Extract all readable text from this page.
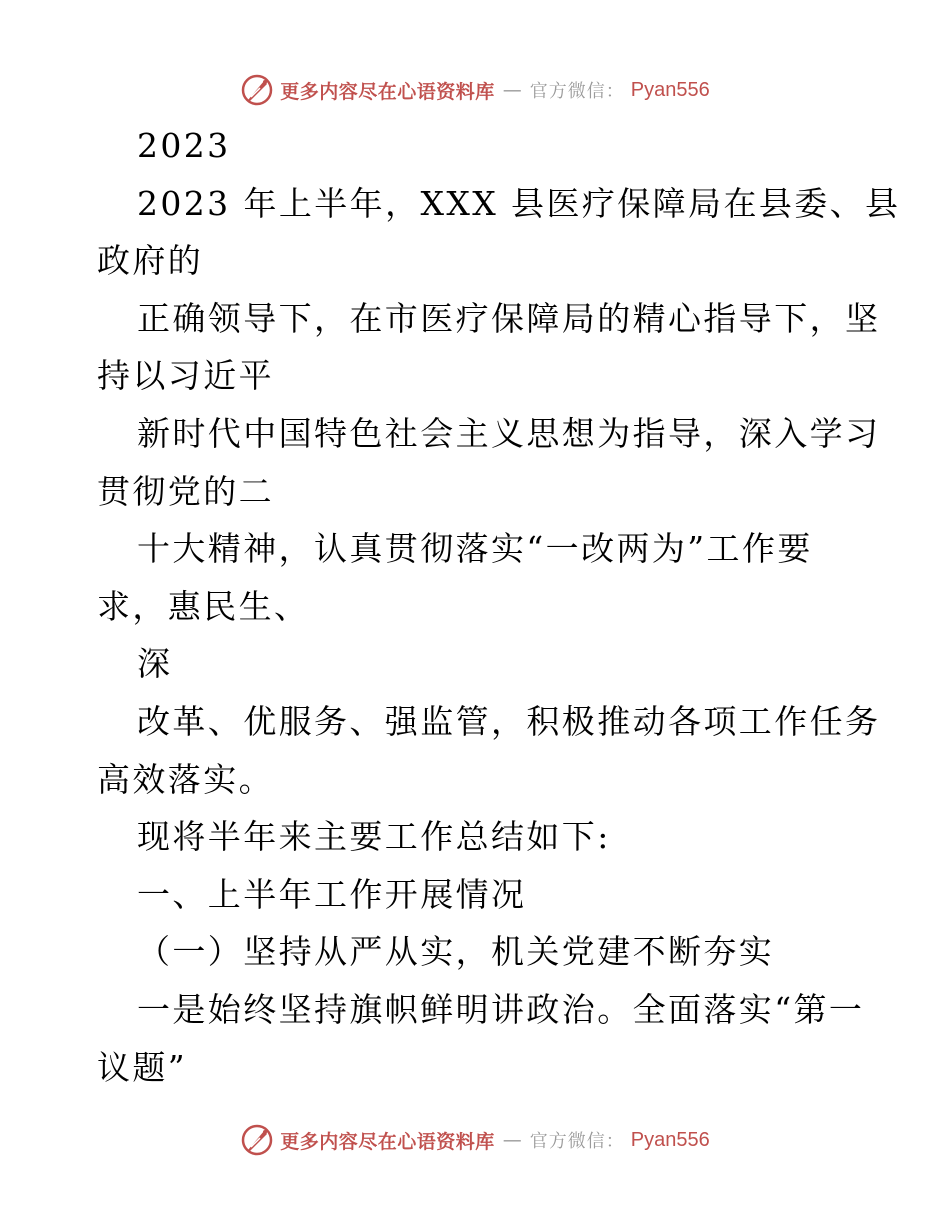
更多内容尽在心语资料库 — 官方微信： Pyan556
2023
2023 年上半年，XXX 县医疗保障局在县委、县
政府的
正确领导下，在市医疗保障局的精心指导下，坚
持以习近平
新时代中国特色社会主义思想为指导，深入学习
贯彻党的二
十大精神，认真贯彻落实“一改两为”工作要
求，惠民生、
深
改革、优服务、强监管，积极推动各项工作任务
高效落实。
现将半年来主要工作总结如下:
一、上半年工作开展情况
（一）坚持从严从实，机关党建不断夯实
一是始终坚持旗帜鲜明讲政治。全面落实“第一
议题”
更多内容尽在心语资料库 — 官方微信： Pyan556
